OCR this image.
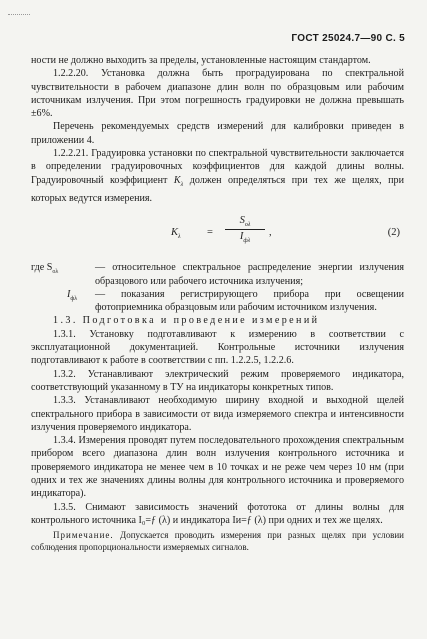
ГОСТ 25024.7—90 С. 5

ности не должно выходить за пределы, установленные настоящим стандартом.

1.2.2.20. Установка должна быть проградуирована по спектральной чувствительности в рабочем диапазоне длин волн по образцовым или рабочим источникам излучения. При этом погрешность градуировки не должна превышать ±6%.

Перечень рекомендуемых средств измерений для калибровки приведен в приложении 4.

1.2.2.21. Градуировка установки по спектральной чувствительности заключается в определении градуировочных коэффициентов для каждой длины волны. Градуировочный коэффициент $K_\lambda$ должен определяться при тех же щелях, при которых ведутся измерения.

$K_\lambda$	=
$S_{о\lambda}$
$I_{ф\lambda}$
,	(2)
где $S_{о\lambda}$	— относительное спектральное распределение энергии излучения образцового или рабочего источника излучения;
$I_{ф\lambda}$	— показания регистрирующего прибора при освещении фотоприемника образцовым или рабочим источником излучения.

1.3. Подготовка и проведение измерений

1.3.1. Установку подготавливают к измерению в соответствии с эксплуатационной документацией. Контрольные источники излучения подготавливают к работе в соответствии с пп. 1.2.2.5, 1.2.2.6.

1.3.2. Устанавливают электрический режим проверяемого индикатора, соответствующий указанному в ТУ на индикаторы конкретных типов.

1.3.3. Устанавливают необходимую ширину входной и выходной щелей спектрального прибора в зависимости от вида измеряемого спектра и интенсивности излучения проверяемого индикатора.

1.3.4. Измерения проводят путем последовательного прохождения спектральным прибором всего диапазона длин волн излучения контрольного источника и проверяемого индикатора не менее чем в 10 точках и не реже чем через 10 нм (при одних и тех же значениях длины волны для контрольного источника и проверяемого индикатора).

1.3.5. Снимают зависимость значений фототока от длины волны для контрольного источника I₀=ƒ (λ) и индикатора Iи=ƒ (λ) при одних и тех же щелях.

Примечание. Допускается проводить измерения при разных щелях при условии соблюдения пропорциональности измеряемых сигналов.
